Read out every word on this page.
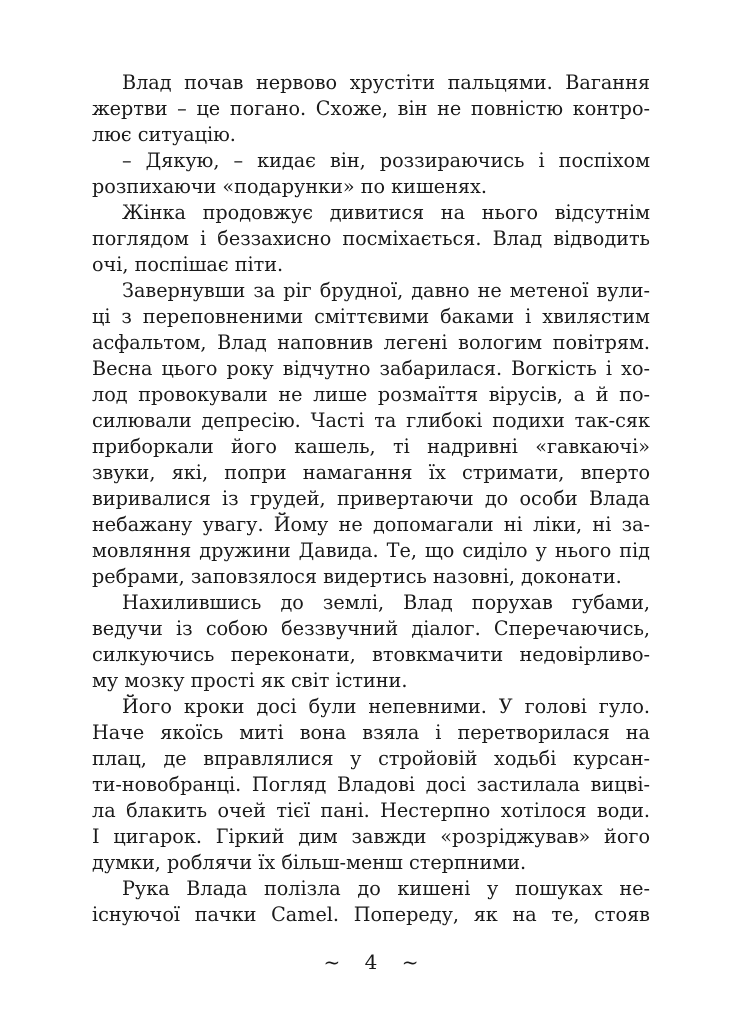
Влад почав нервово хрустіти пальцями. Вагання
жертви – це погано. Схоже, він не повністю контро-
лює ситуацію.
– Дякую, – кидає він, роззираючись і поспіхом
розпихаючи «подарунки» по кишенях.
Жінка продовжує дивитися на нього відсутнім
поглядом і беззахисно посміхається. Влад відводить
очі, поспішає піти.
Завернувши за ріг брудної, давно не метеної вули-
ці з переповненими сміттєвими баками і хвилястим
асфальтом, Влад наповнив легені вологим повітрям.
Весна цього року відчутно забарилася. Вогкість і хо-
лод провокували не лише розмаїття вірусів, а й по-
силювали депресію. Часті та глибокі подихи так-сяк
приборкали його кашель, ті надривні «гавкаючі»
звуки, які, попри намагання їх стримати, вперто
виривалися із грудей, привертаючи до особи Влада
небажану увагу. Йому не допомагали ні ліки, ні за-
мовляння дружини Давида. Те, що сиділо у нього під
ребрами, заповзялося видертись назовні, доконати.
Нахилившись до землі, Влад порухав губами,
ведучи із собою беззвучний діалог. Сперечаючись,
силкуючись переконати, втовкмачити недовірливо-
му мозку прості як світ істини.
Його кроки досі були непевними. У голові гуло.
Наче якоїсь миті вона взяла і перетворилася на
плац, де вправлялися у стройовій ходьбі курсан-
ти-новобранці. Погляд Владові досі застилала вицві-
ла блакить очей тієї пані. Нестерпно хотілося води.
І цигарок. Гіркий дим завжди «розріджував» його
думки, роблячи їх більш-менш стерпними.
Рука Влада полізла до кишені у пошуках не-
існуючої пачки Camel. Попереду, як на те, стояв
~ 4 ~
